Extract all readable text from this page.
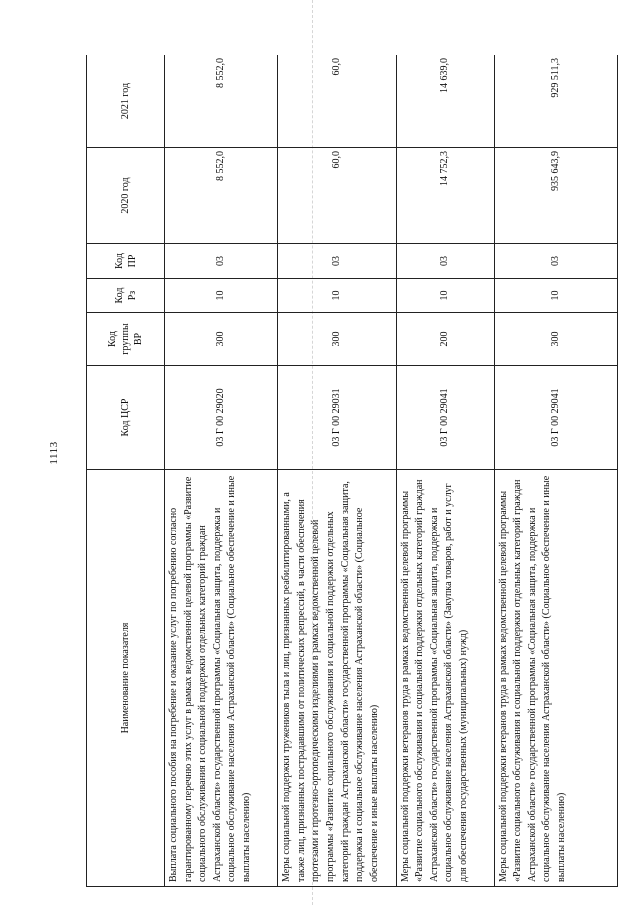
1113
Наименование показателя	Код ЦСР	Код группы ВР	Код Рз	Код ПР	2020 год	2021 год
Выплата социального пособия на погребение и оказание услуг по погребению согласно гарантированному перечню этих услуг в рамках ведомственной целевой программы «Развитие социального обслуживания и социальной поддержки отдельных категорий граждан Астраханской области» государственной программы «Социальная защита, поддержка и социальное обслуживание населения Астраханской области» (Социальное обеспечение и иные выплаты населению)	03 Г 00 29020	300	10	03	8 552,0	8 552,0
Меры социальной поддержки тружеников тыла и лиц, признанных реабилитированными, а также лиц, признанных пострадавшими от политических репрессий, в части обеспечения протезами и протезно-ортопедическими изделиями в рамках ведомственной целевой программы «Развитие социального обслуживания и социальной поддержки отдельных категорий граждан Астраханской области» государственной программы «Социальная защита, поддержка и социальное обслуживание населения Астраханской области» (Социальное обеспечение и иные выплаты населению)	03 Г 00 29031	300	10	03	60,0	60,0
Меры социальной поддержки ветеранов труда в рамках ведомственной целевой программы «Развитие социального обслуживания и социальной поддержки отдельных категорий граждан Астраханской области» государственной программы «Социальная защита, поддержка и социальное обслуживание населения Астраханской области» (Закупка товаров, работ и услуг для обеспечения государственных (муниципальных) нужд)	03 Г 00 29041	200	10	03	14 752,3	14 639,0
Меры социальной поддержки ветеранов труда в рамках ведомственной целевой программы «Развитие социального обслуживания и социальной поддержки отдельных категорий граждан Астраханской области» государственной программы «Социальная защита, поддержка и социальное обслуживание населения Астраханской области» (Социальное обеспечение и иные выплаты населению)	03 Г 00 29041	300	10	03	935 643,9	929 511,3
